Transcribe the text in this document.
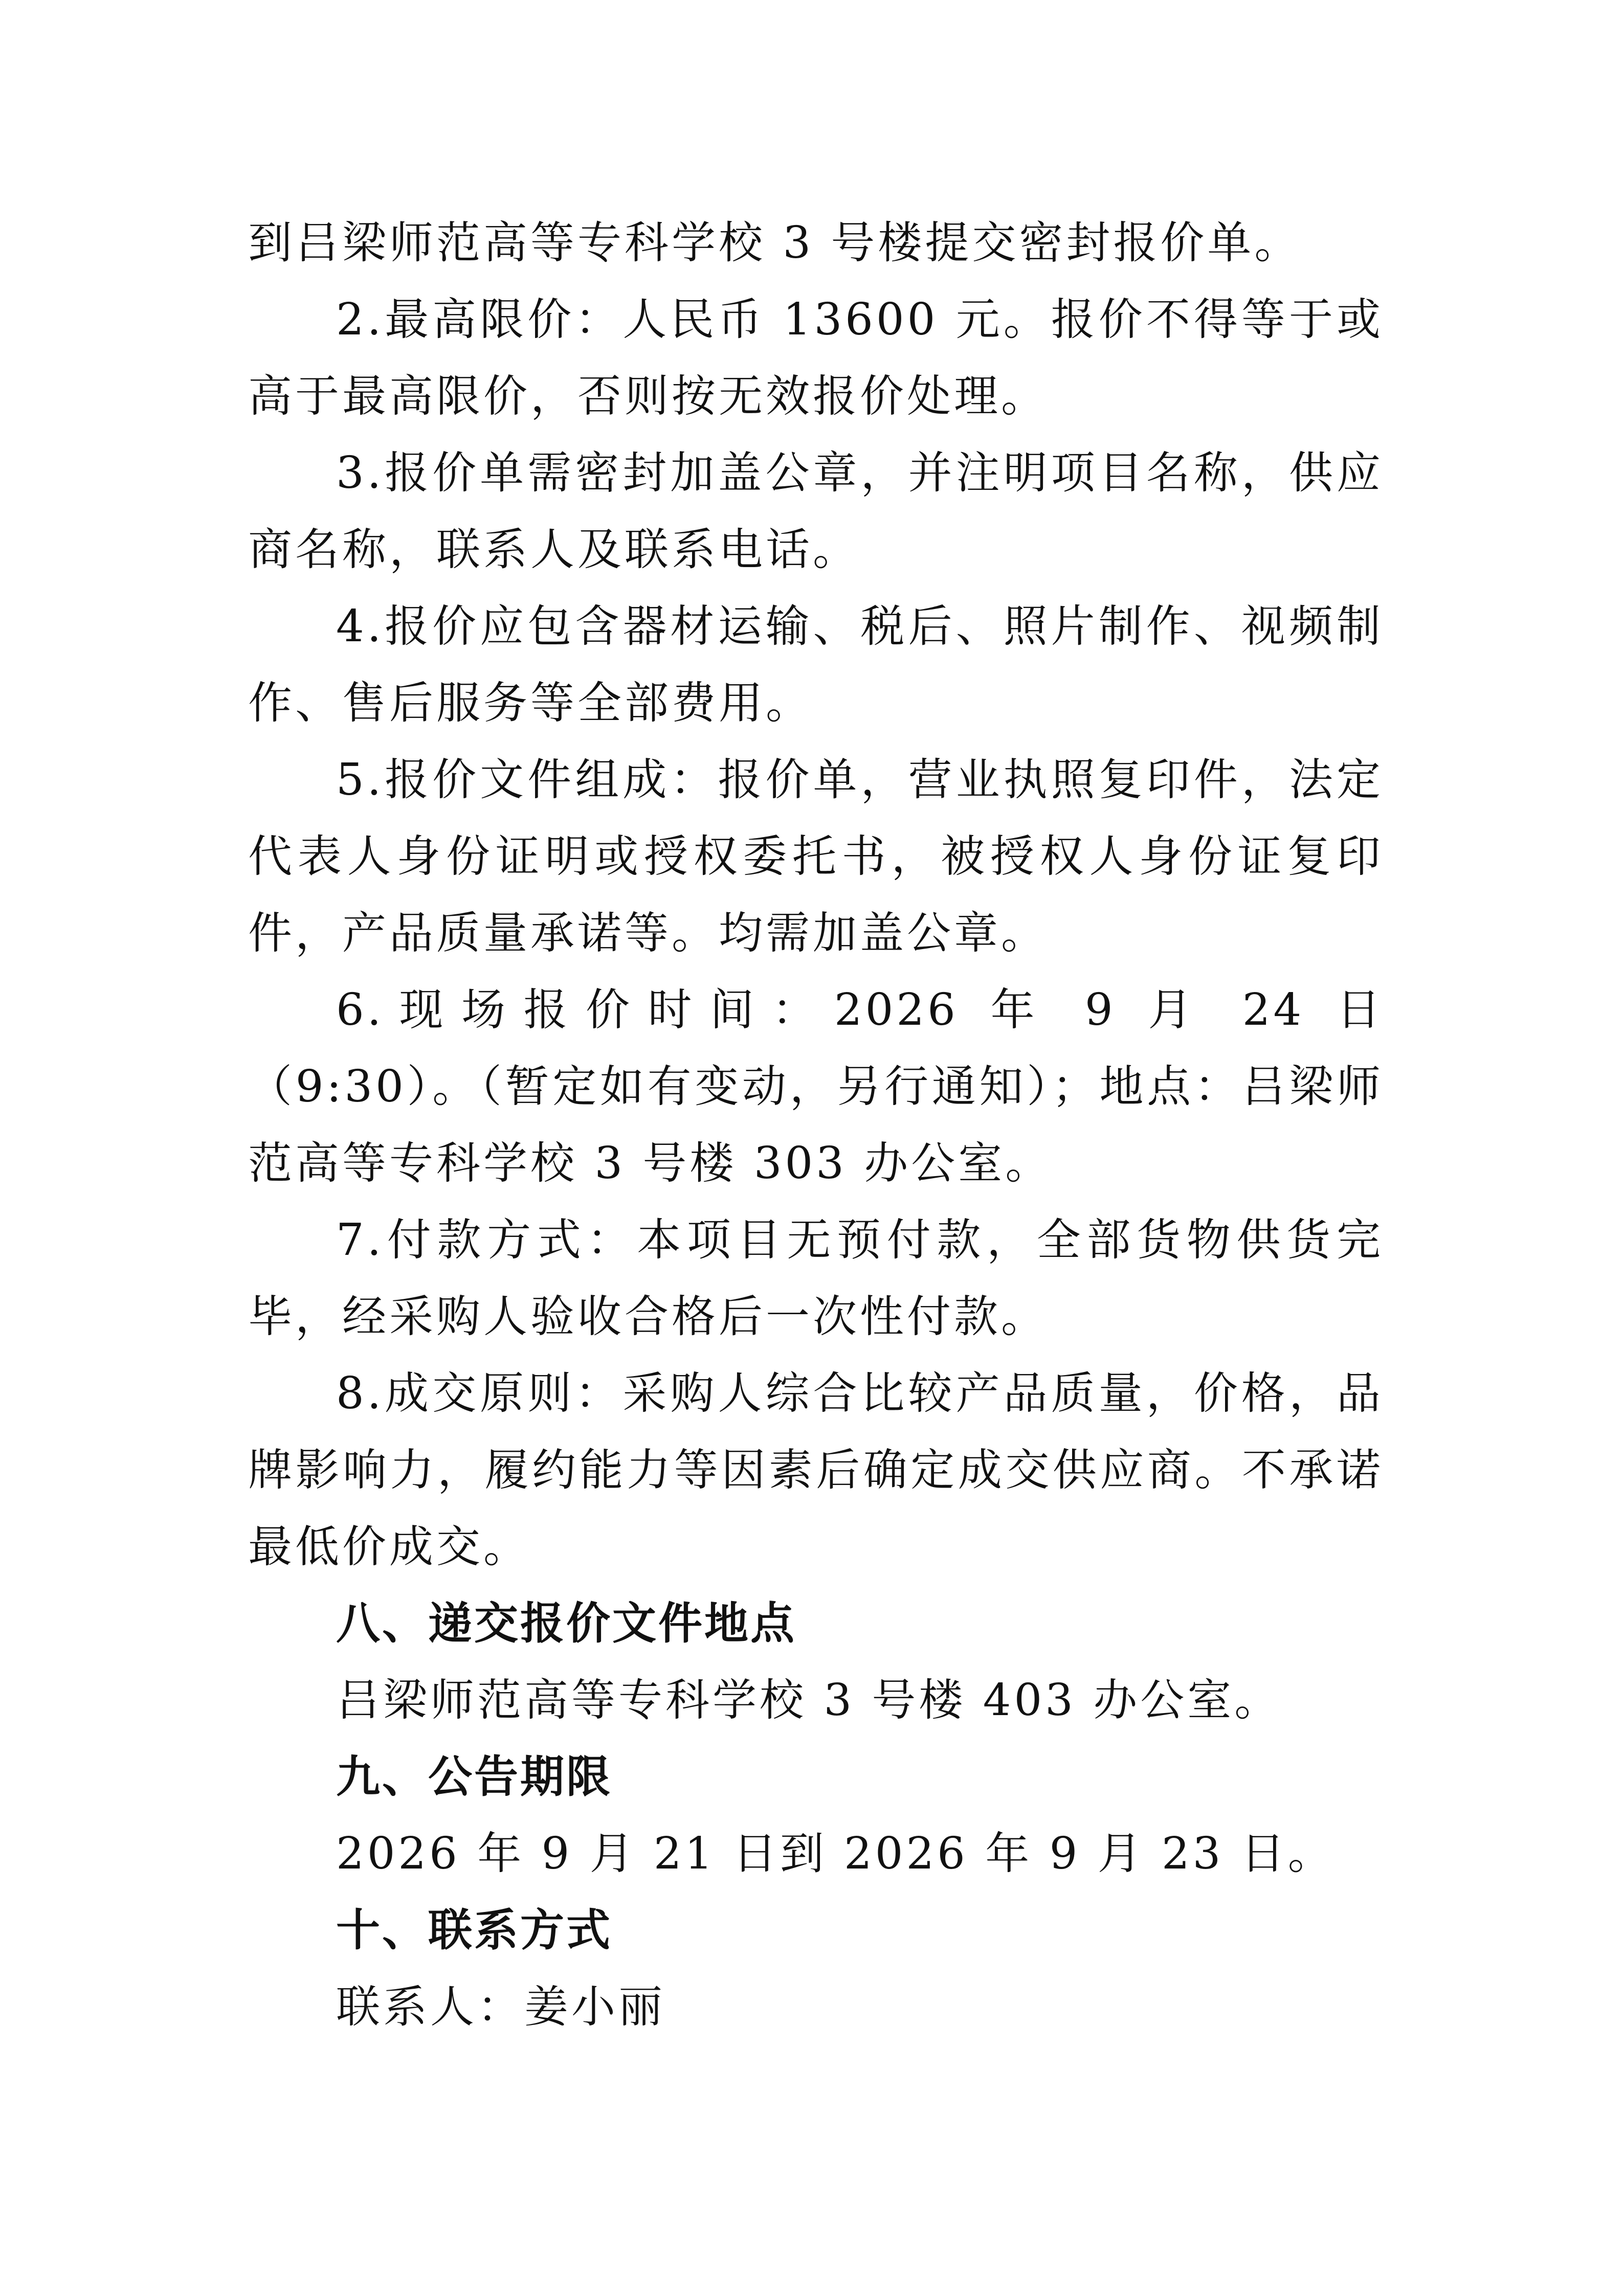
到吕梁师范高等专科学校 3 号楼提交密封报价单。

2.最高限价：人民币 13600 元。报价不得等于或高于最高限价，否则按无效报价处理。

3.报价单需密封加盖公章，并注明项目名称，供应商名称，联系人及联系电话。

4.报价应包含器材运输、税后、照片制作、视频制作、售后服务等全部费用。

5.报价文件组成：报价单，营业执照复印件，法定代表人身份证明或授权委托书，被授权人身份证复印件，产品质量承诺等。均需加盖公章。

6.现场报价时间：2026 年 9 月 24 日（9:30）。（暂定如有变动，另行通知）；地点：吕梁师范高等专科学校 3 号楼 303 办公室。

7.付款方式：本项目无预付款，全部货物供货完毕，经采购人验收合格后一次性付款。

8.成交原则：采购人综合比较产品质量，价格，品牌影响力，履约能力等因素后确定成交供应商。不承诺最低价成交。

八、递交报价文件地点

吕梁师范高等专科学校 3 号楼 403 办公室。

九、公告期限

2026 年 9 月 21 日到 2026 年 9 月 23 日。

十、联系方式

联系人：姜小丽
